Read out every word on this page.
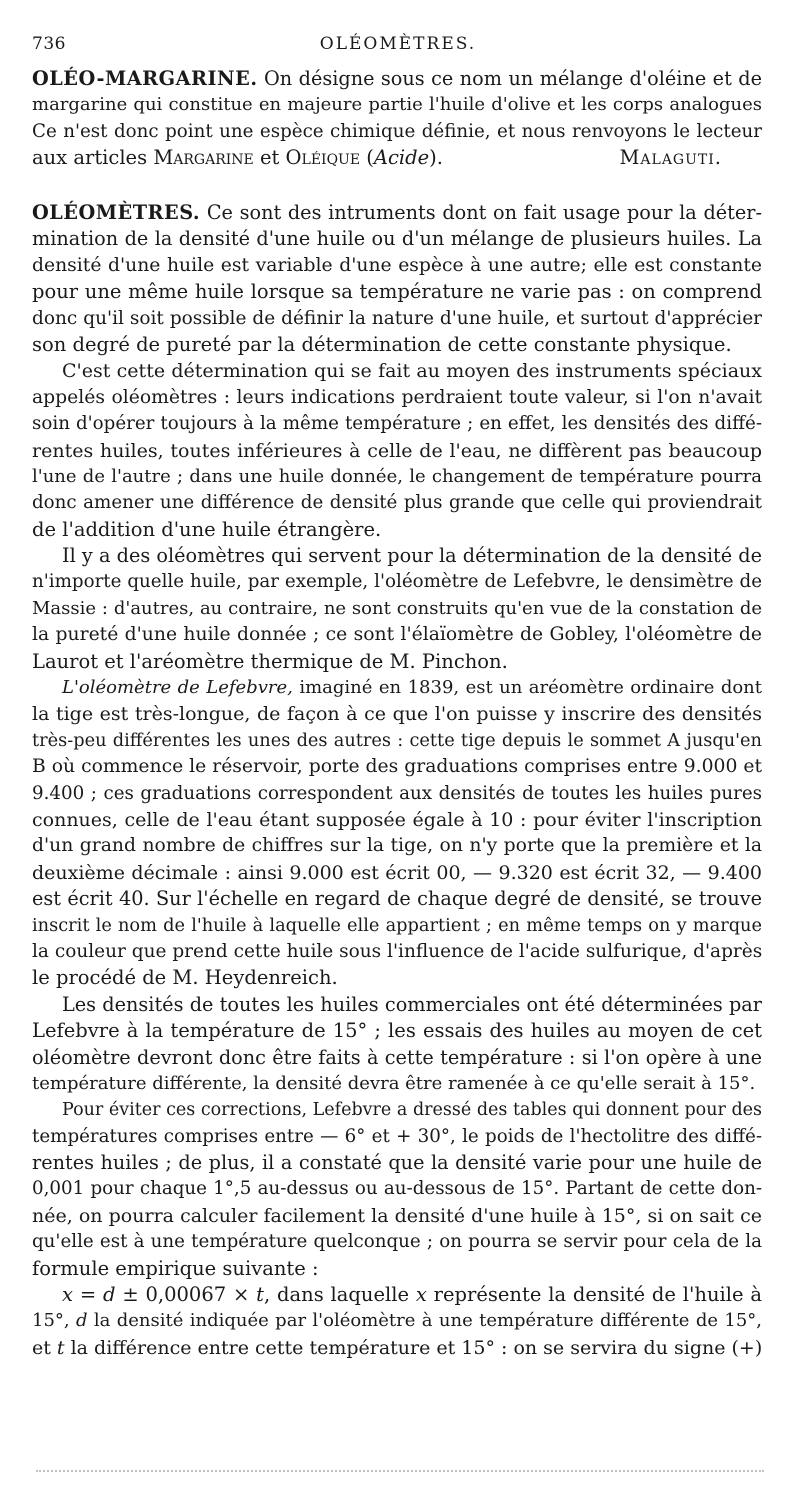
736	OLÉOMÈTRES.
OLÉO-MARGARINE. On désigne sous ce nom un mélange d'oléine et de
margarine qui constitue en majeure partie l'huile d'olive et les corps analogues
Ce n'est donc point une espèce chimique définie, et nous renvoyons le lecteur
aux articles Margarine et Oléique (Acide).	Malaguti.
OLÉOMÈTRES. Ce sont des intruments dont on fait usage pour la déter-
mination de la densité d'une huile ou d'un mélange de plusieurs huiles. La
densité d'une huile est variable d'une espèce à une autre; elle est constante
pour une même huile lorsque sa température ne varie pas : on comprend
donc qu'il soit possible de définir la nature d'une huile, et surtout d'apprécier
son degré de pureté par la détermination de cette constante physique.
C'est cette détermination qui se fait au moyen des instruments spéciaux
appelés oléomètres : leurs indications perdraient toute valeur, si l'on n'avait
soin d'opérer toujours à la même température ; en effet, les densités des diffé-
rentes huiles, toutes inférieures à celle de l'eau, ne diffèrent pas beaucoup
l'une de l'autre ; dans une huile donnée, le changement de température pourra
donc amener une différence de densité plus grande que celle qui proviendrait
de l'addition d'une huile étrangère.
Il y a des oléomètres qui servent pour la détermination de la densité de
n'importe quelle huile, par exemple, l'oléomètre de Lefebvre, le densimètre de
Massie : d'autres, au contraire, ne sont construits qu'en vue de la constation de
la pureté d'une huile donnée ; ce sont l'élaïomètre de Gobley, l'oléomètre de
Laurot et l'aréomètre thermique de M. Pinchon.
L'oléomètre de Lefebvre, imaginé en 1839, est un aréomètre ordinaire dont
la tige est très-longue, de façon à ce que l'on puisse y inscrire des densités
très-peu différentes les unes des autres : cette tige depuis le sommet A jusqu'en
B où commence le réservoir, porte des graduations comprises entre 9.000 et
9.400 ; ces graduations correspondent aux densités de toutes les huiles pures
connues, celle de l'eau étant supposée égale à 10 : pour éviter l'inscription
d'un grand nombre de chiffres sur la tige, on n'y porte que la première et la
deuxième décimale : ainsi 9.000 est écrit 00, — 9.320 est écrit 32, — 9.400
est écrit 40. Sur l'échelle en regard de chaque degré de densité, se trouve
inscrit le nom de l'huile à laquelle elle appartient ; en même temps on y marque
la couleur que prend cette huile sous l'influence de l'acide sulfurique, d'après
le procédé de M. Heydenreich.
Les densités de toutes les huiles commerciales ont été déterminées par
Lefebvre à la température de 15° ; les essais des huiles au moyen de cet
oléomètre devront donc être faits à cette température : si l'on opère à une
température différente, la densité devra être ramenée à ce qu'elle serait à 15°.
Pour éviter ces corrections, Lefebvre a dressé des tables qui donnent pour des
températures comprises entre — 6° et + 30°, le poids de l'hectolitre des diffé-
rentes huiles ; de plus, il a constaté que la densité varie pour une huile de
0,001 pour chaque 1°,5 au-dessus ou au-dessous de 15°. Partant de cette don-
née, on pourra calculer facilement la densité d'une huile à 15°, si on sait ce
qu'elle est à une température quelconque ; on pourra se servir pour cela de la
formule empirique suivante :
x = d ± 0,00067 × t, dans laquelle x représente la densité de l'huile à
15°, d la densité indiquée par l'oléomètre à une température différente de 15°,
et t la différence entre cette température et 15° : on se servira du signe (+)
